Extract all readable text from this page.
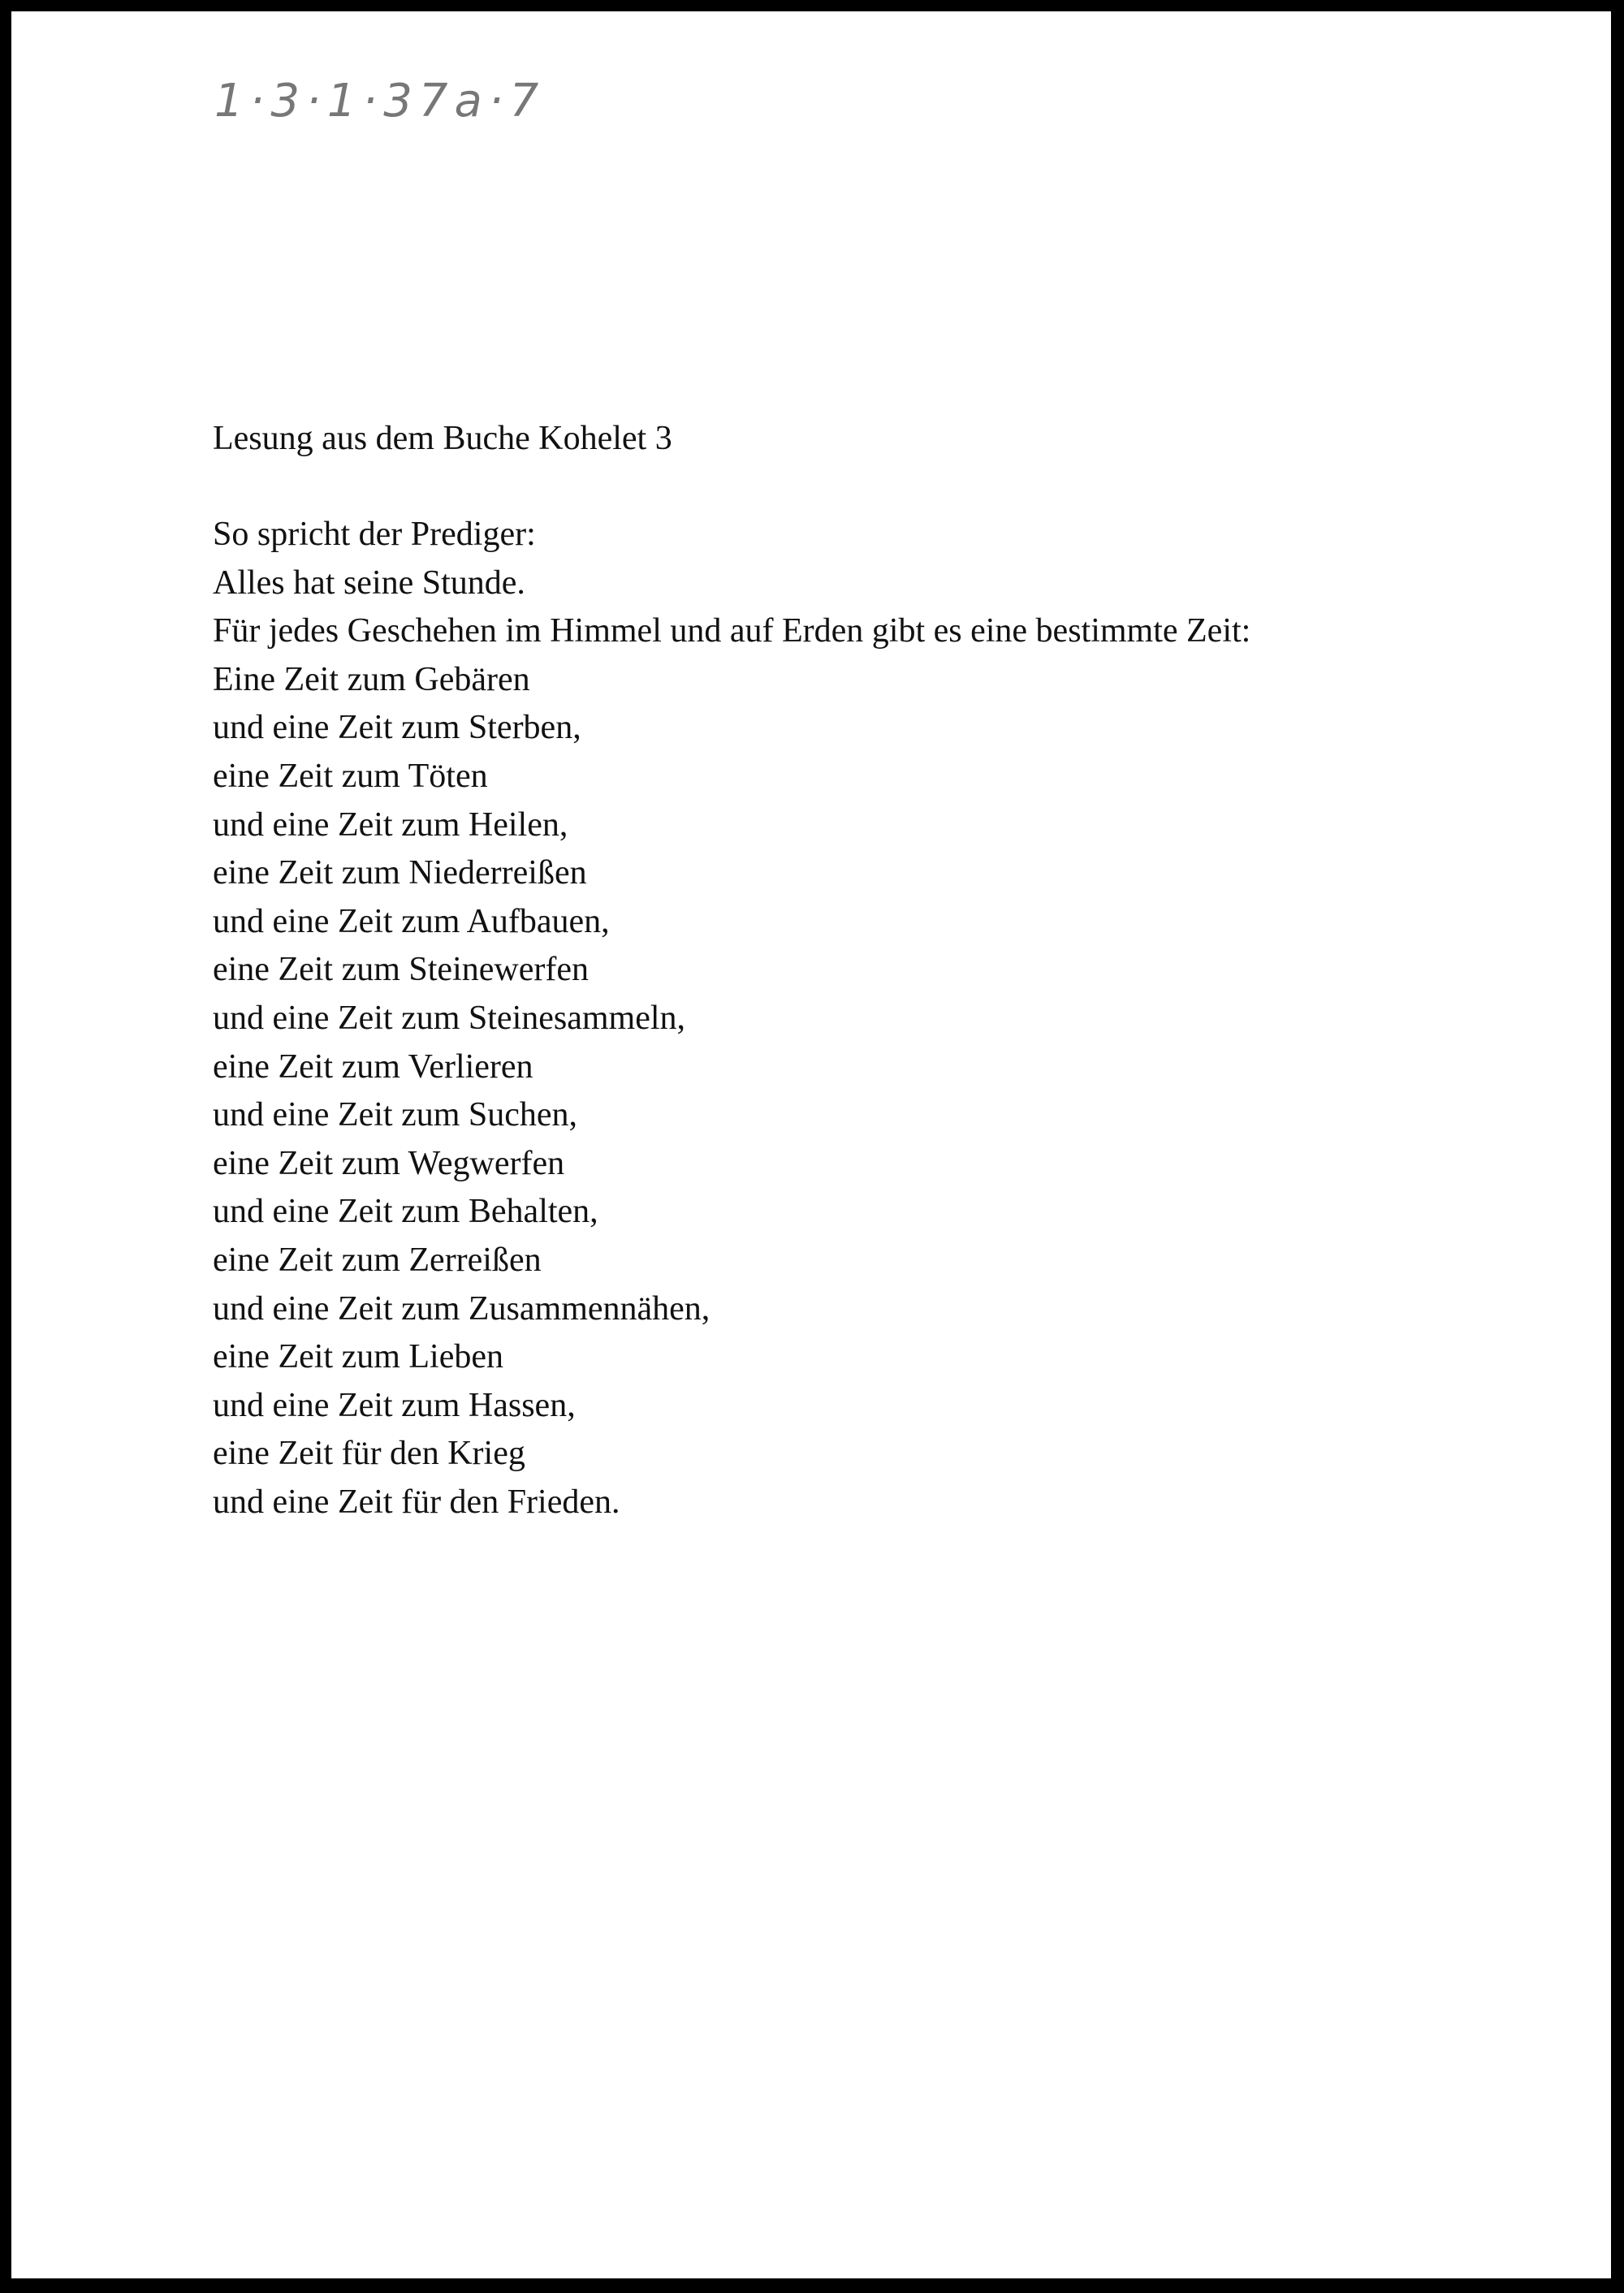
1·3·1·37a·7
Lesung aus dem Buche Kohelet 3
So spricht der Prediger:
Alles hat seine Stunde.
Für jedes Geschehen im Himmel und auf Erden gibt es eine bestimmte Zeit:
Eine Zeit zum Gebären
und eine Zeit zum Sterben,
eine Zeit zum Töten
und eine Zeit zum Heilen,
eine Zeit zum Niederreißen
und eine Zeit zum Aufbauen,
eine Zeit zum Steinewerfen
und eine Zeit zum Steinesammeln,
eine Zeit zum Verlieren
und eine Zeit zum Suchen,
eine Zeit zum Wegwerfen
und eine Zeit zum Behalten,
eine Zeit zum Zerreißen
und eine Zeit zum Zusammennähen,
eine Zeit zum Lieben
und eine Zeit zum Hassen,
eine Zeit für den Krieg
und eine Zeit für den Frieden.
